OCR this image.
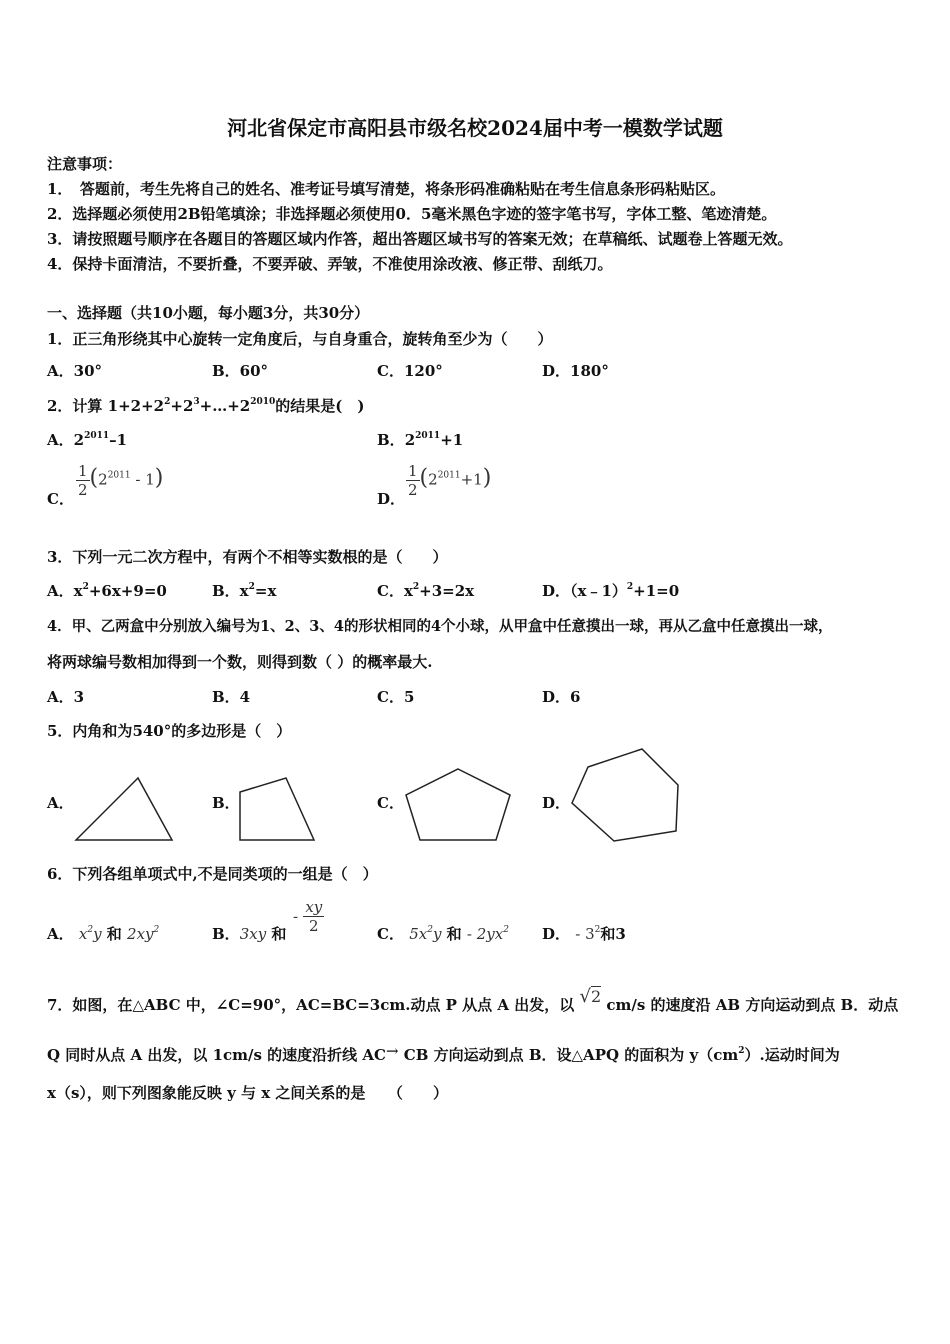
河北省保定市高阳县市级名校2024届中考一模数学试题
注意事项：
1．　答题前，考生先将自己的姓名、准考证号填写清楚，将条形码准确粘贴在考生信息条形码粘贴区。
2．选择题必须使用2B铅笔填涂；非选择题必须使用0．5毫米黑色字迹的签字笔书写，字体工整、笔迹清楚。
3．请按照题号顺序在各题目的答题区域内作答，超出答题区域书写的答案无效；在草稿纸、试题卷上答题无效。
4．保持卡面清洁，不要折叠，不要弄破、弄皱，不准使用涂改液、修正带、刮纸刀。
一、选择题（共10小题，每小题3分，共30分）
1．正三角形绕其中心旋转一定角度后，与自身重合，旋转角至少为（　　）
A．30°	B．60°	C．120°	D．180°
2．计算 $1+2+2^2+2^3+\dots+2^{2010}$的结果是(　)
A．$2^{2011}-1$	B．$2^{2011}+1$
C． $\frac{1}{2} (2^{2011} - 1)$
D． $\frac{1}{2} (2^{2011}+1)$
3．下列一元二次方程中，有两个不相等实数根的是（　　）
A．$x^2+6x+9=0$	B．$x^2=x$	C．$x^2+3=2x$	D．（x﹣1）$^2$+1=0
4．甲、乙两盒中分别放入编号为1、2、3、4的形状相同的4个小球，从甲盒中任意摸出一球，再从乙盒中任意摸出一球，
将两球编号数相加得到一个数，则得到数（ ）的概率最大.
A．3	B．4	C．5	D．6
5．内角和为540°的多边形是（　）
A．	B．	C．	D．
6．下列各组单项式中,不是同类项的一组是（　）
A． $x^2y$ 和 $2xy^2$	B．3xy 和
- $\frac{xy}{2}$	C． $5x^2y$ 和 - $2yx^2$ D． - $3^2$和3
7．如图，在△ABC 中，∠C=90°，AC=BC=3cm.动点 P 从点 A 出发，以 √2 cm/s 的速度沿 AB 方向运动到点 B．动点
Q 同时从点 A 出发，以 1cm/s 的速度沿折线 AC→ CB 方向运动到点 B．设△APQ 的面积为 $y(cm^2)$.运动时间为
x（s），则下列图象能反映 y 与 x 之间关系的是　　（　　）
